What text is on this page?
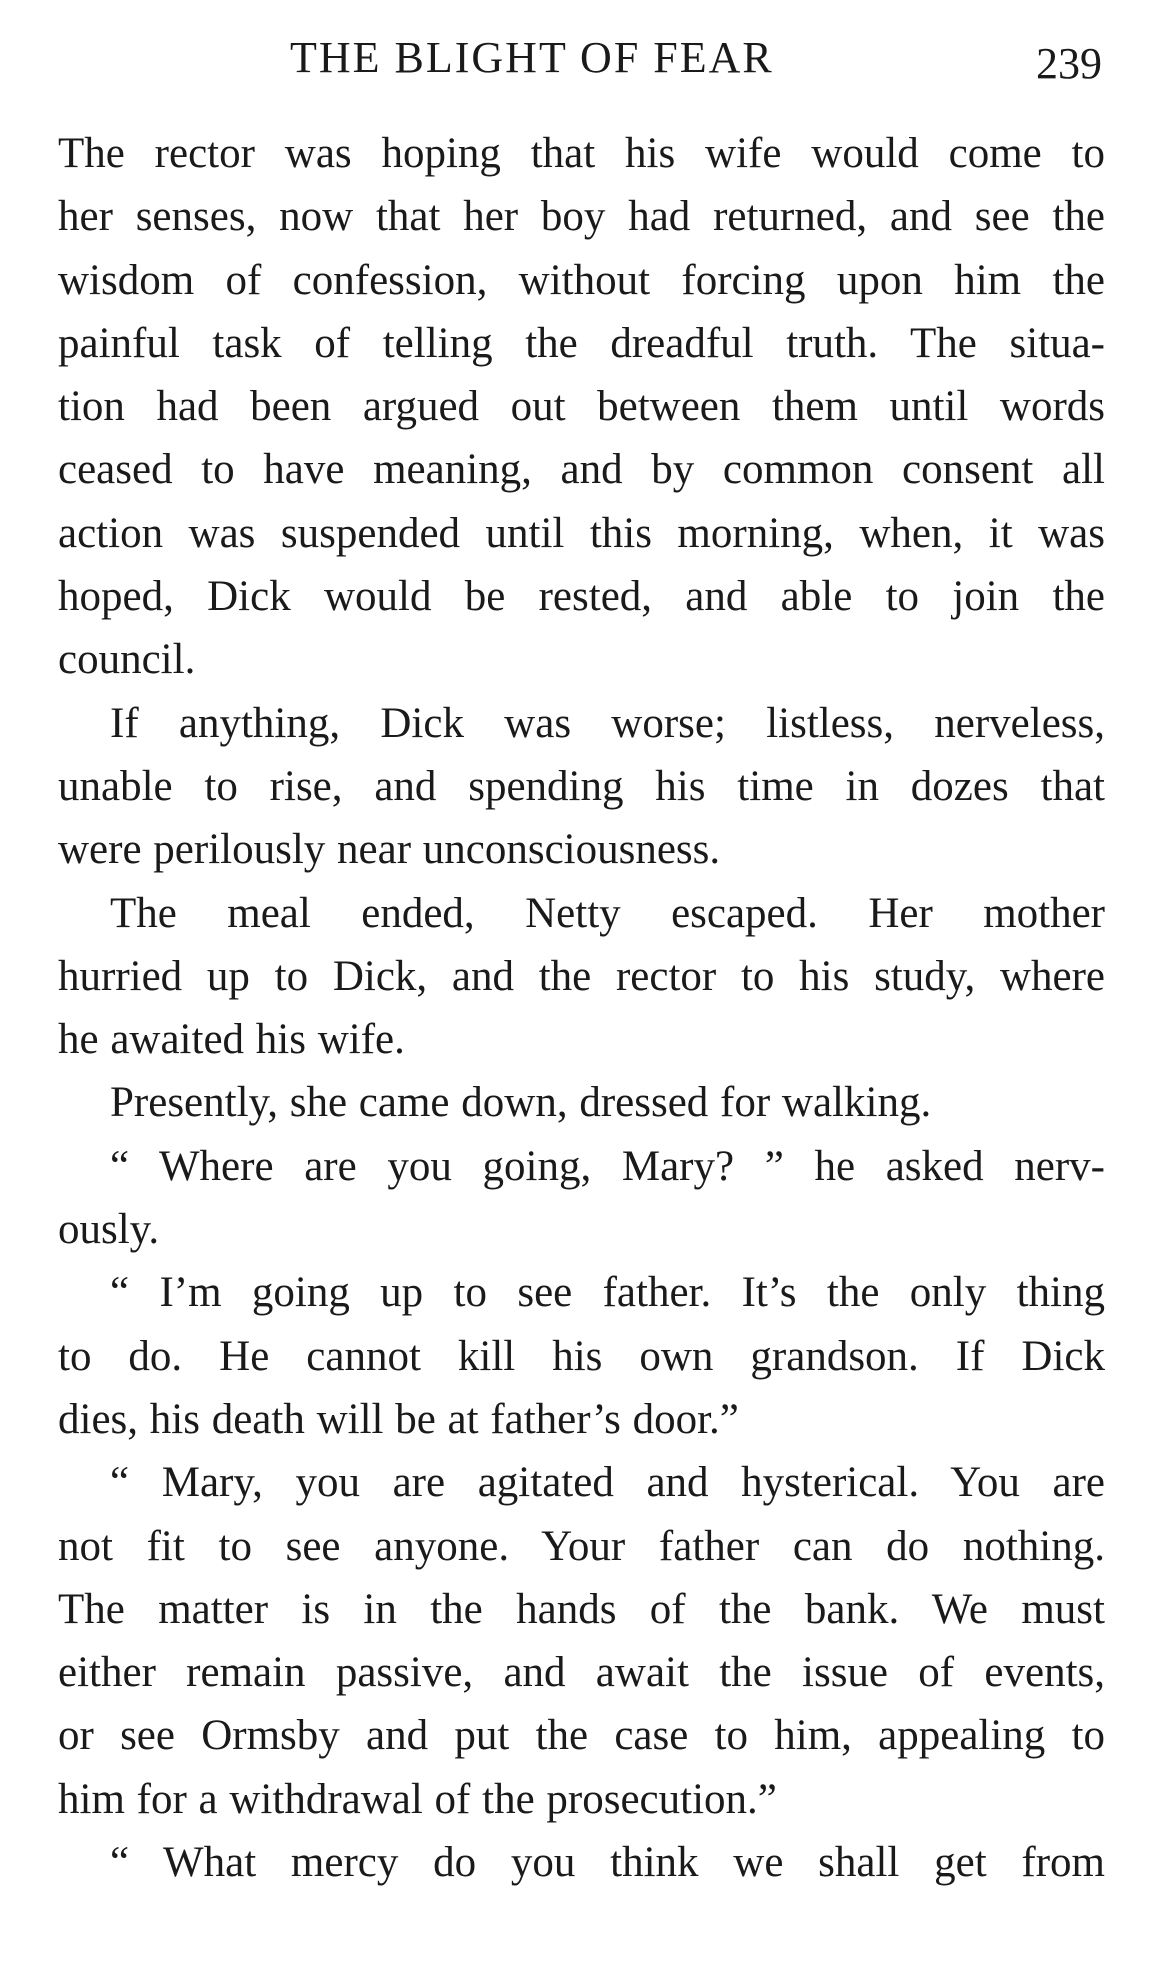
THE BLIGHT OF FEAR	239
The rector was hoping that his wife would come to
her senses, now that her boy had returned, and see the
wisdom of confession, without forcing upon him the
painful task of telling the dreadful truth. The situa-
tion had been argued out between them until words
ceased to have meaning, and by common consent all
action was suspended until this morning, when, it was
hoped, Dick would be rested, and able to join the
council.
If anything, Dick was worse; listless, nerveless,
unable to rise, and spending his time in dozes that
were perilously near unconsciousness.
The meal ended, Netty escaped. Her mother
hurried up to Dick, and the rector to his study, where
he awaited his wife.
Presently, she came down, dressed for walking.
“ Where are you going, Mary? ” he asked nerv-
ously.
“ I’m going up to see father. It’s the only thing
to do. He cannot kill his own grandson. If Dick
dies, his death will be at father’s door.”
“ Mary, you are agitated and hysterical. You are
not fit to see anyone. Your father can do nothing.
The matter is in the hands of the bank. We must
either remain passive, and await the issue of events,
or see Ormsby and put the case to him, appealing to
him for a withdrawal of the prosecution.”
“ What mercy do you think we shall get from
